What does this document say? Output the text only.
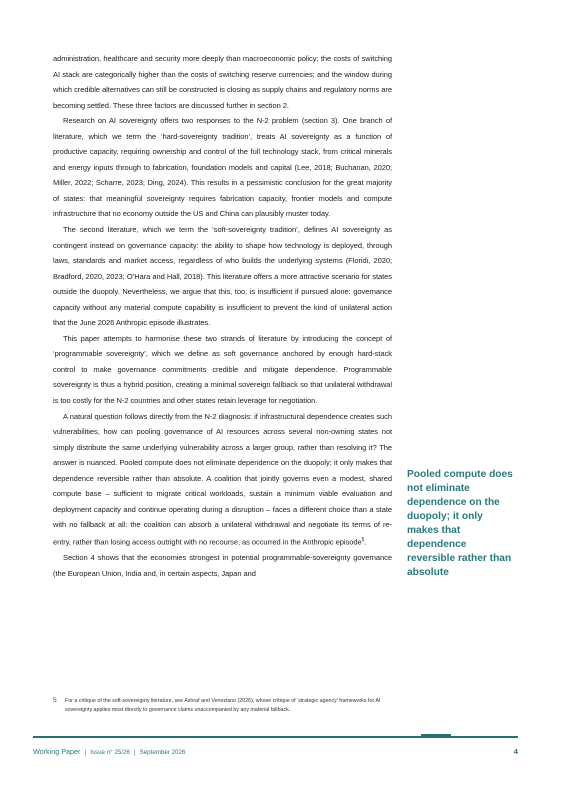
administration, healthcare and security more deeply than macroeconomic policy; the costs of switching AI stack are categorically higher than the costs of switching reserve currencies; and the window during which credible alternatives can still be constructed is closing as supply chains and regulatory norms are becoming settled. These three factors are discussed further in section 2.

Research on AI sovereignty offers two responses to the N-2 problem (section 3). One branch of literature, which we term the ‘hard-sovereignty tradition’, treats AI sovereignty as a function of productive capacity, requiring ownership and control of the full technology stack, from critical minerals and energy inputs through to fabrication, foundation models and capital (Lee, 2018; Buchanan, 2020; Miller, 2022; Scharre, 2023; Ding, 2024). This results in a pessimistic conclusion for the great majority of states: that meaningful sovereignty requires fabrication capacity, frontier models and compute infrastructure that no economy outside the US and China can plausibly muster today.

The second literature, which we term the ‘soft-sovereignty tradition’, defines AI sovereignty as contingent instead on governance capacity: the ability to shape how technology is deployed, through laws, standards and market access, regardless of who builds the underlying systems (Floridi, 2020; Bradford, 2020, 2023; O’Hara and Hall, 2018). This literature offers a more attractive scenario for states outside the duopoly. Nevertheless, we argue that this, too, is insufficient if pursued alone: governance capacity without any material compute capability is insufficient to prevent the kind of unilateral action that the June 2026 Anthropic episode illustrates.

This paper attempts to harmonise these two strands of literature by introducing the concept of ‘programmable sovereignty’, which we define as soft governance anchored by enough hard-stack control to make governance commitments credible and mitigate dependence. Programmable sovereignty is thus a hybrid position, creating a minimal sovereign fallback so that unilateral withdrawal is too costly for the N-2 countries and other states retain leverage for negotiation.

A natural question follows directly from the N-2 diagnosis: if infrastructural dependence creates such vulnerabilities, how can pooling governance of AI resources across several non-owning states not simply distribute the same underlying vulnerability across a larger group, rather than resolving it? The answer is nuanced. Pooled compute does not eliminate dependence on the duopoly; it only makes that dependence reversible rather than absolute. A coalition that jointly governs even a modest, shared compute base – sufficient to migrate critical workloads, sustain a minimum viable evaluation and deployment capacity and continue operating during a disruption – faces a different choice than a state with no fallback at all: the coalition can absorb a unilateral withdrawal and negotiate its terms of re-entry, rather than losing access outright with no recourse, as occurred in the Anthropic episode$^5$.

Section 4 shows that the economies strongest in potential programmable-sovereignty governance (the European Union, India and, in certain aspects, Japan and

Pooled compute does not eliminate dependence on the duopoly; it only makes that dependence reversible rather than absolute

5 For a critique of the soft-sovereignty literature, see Ashraf and Veneziano (2026), whose critique of ‘strategic agency’ frameworks for AI sovereignty applies most directly to governance claims unaccompanied by any material fallback.
Working Paper | Issue n° 25/26 | September 2026	4
